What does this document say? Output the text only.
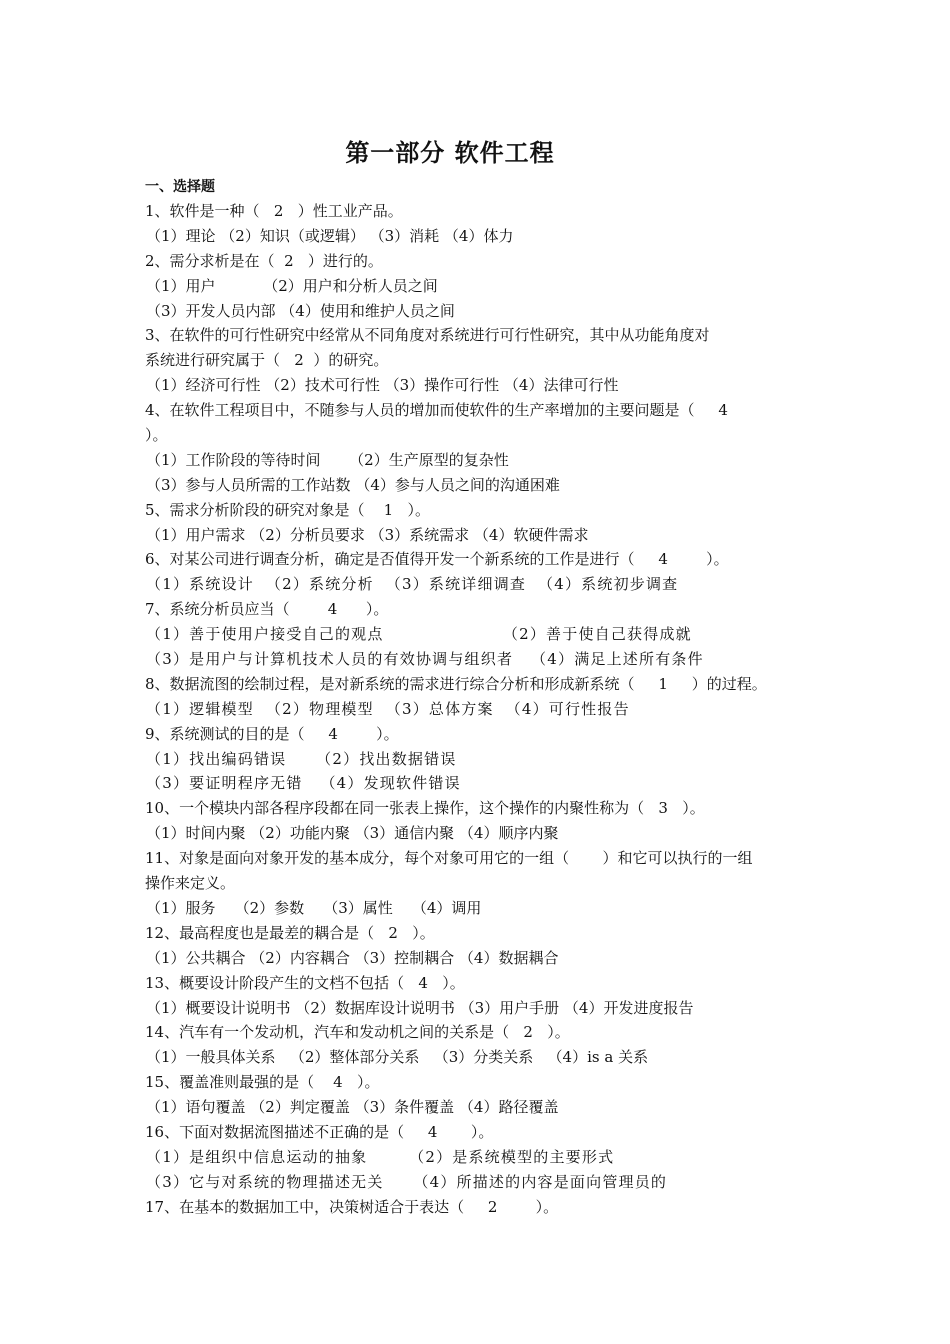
第一部分 软件工程
一、选择题
1、软件是一种（   2   ）性工业产品。
（1）理论 （2）知识（或逻辑） （3）消耗 （4）体力
2、需分求析是在（  2   ）进行的。
（1）用户          （2）用户和分析人员之间
（3）开发人员内部 （4）使用和维护人员之间
3、在软件的可行性研究中经常从不同角度对系统进行可行性研究，其中从功能角度对
系统进行研究属于（   2  ）的研究。
（1）经济可行性 （2）技术可行性 （3）操作可行性 （4）法律可行性
4、在软件工程项目中，不随参与人员的增加而使软件的生产率增加的主要问题是（     4
）。
（1）工作阶段的等待时间      （2）生产原型的复杂性
（3）参与人员所需的工作站数 （4）参与人员之间的沟通困难
5、需求分析阶段的研究对象是（    1   ）。
（1）用户需求 （2）分析员要求 （3）系统需求 （4）软硬件需求
6、对某公司进行调查分析，确定是否值得开发一个新系统的工作是进行（     4        ）。
（1）系统设计  （2）系统分析  （3）系统详细调查  （4）系统初步调查
7、系统分析员应当（        4      ）。
（1）善于使用户接受自己的观点                    （2）善于使自己获得成就
（3）是用户与计算机技术人员的有效协调与组织者   （4）满足上述所有条件
8、数据流图的绘制过程，是对新系统的需求进行综合分析和形成新系统（     1     ）的过程。
（1）逻辑模型  （2）物理模型  （3）总体方案  （4）可行性报告
9、系统测试的目的是（     4        ）。
（1）找出编码错误     （2）找出数据错误
（3）要证明程序无错   （4）发现软件错误
10、一个模块内部各程序段都在同一张表上操作，这个操作的内聚性称为（   3   ）。
（1）时间内聚 （2）功能内聚 （3）通信内聚 （4）顺序内聚
11、对象是面向对象开发的基本成分，每个对象可用它的一组（       ）和它可以执行的一组
操作来定义。
（1）服务    （2）参数    （3）属性    （4）调用
12、最高程度也是最差的耦合是（   2   ）。
（1）公共耦合 （2）内容耦合 （3）控制耦合 （4）数据耦合
13、概要设计阶段产生的文档不包括（   4   ）。
（1）概要设计说明书 （2）数据库设计说明书 （3）用户手册 （4）开发进度报告
14、汽车有一个发动机，汽车和发动机之间的关系是（   2   ）。
（1）一般具体关系   （2）整体部分关系   （3）分类关系   （4）is a 关系
15、覆盖准则最强的是（    4   ）。
（1）语句覆盖 （2）判定覆盖 （3）条件覆盖 （4）路径覆盖
16、下面对数据流图描述不正确的是（     4       ）。
（1）是组织中信息运动的抽象       （2）是系统模型的主要形式
（3）它与对系统的物理描述无关     （4）所描述的内容是面向管理员的
17、在基本的数据加工中，决策树适合于表达（     2        ）。
